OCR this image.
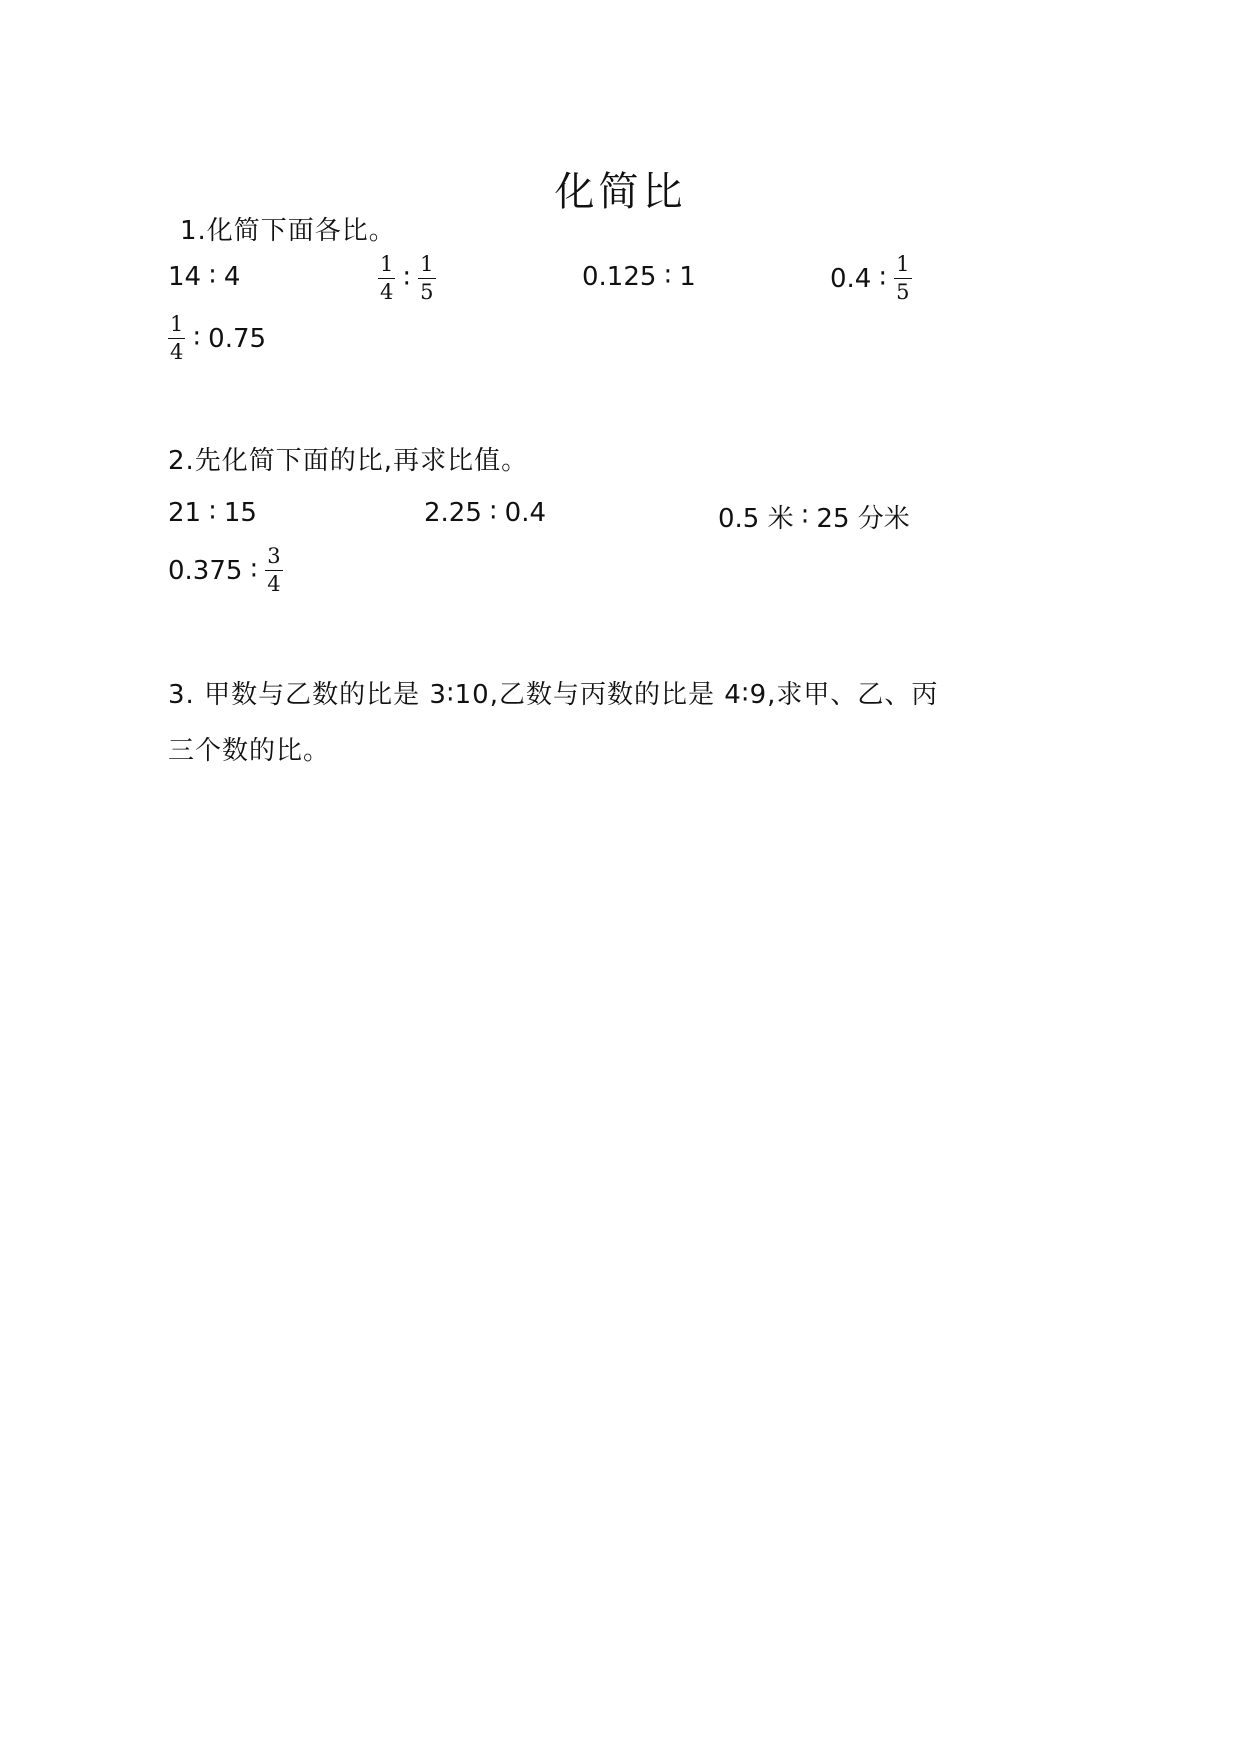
化简比
1.化简下面各比。
14 ∶ 4	$\frac{1}{4}$ ∶ $\frac{1}{5}$	0.125 ∶ 1	0.4 ∶ $\frac{1}{5}$
$\frac{1}{4}$ ∶ 0.75
2.先化简下面的比,再求比值。
21 ∶ 15	2.25 ∶ 0.4	0.5 米 ∶ 25 分米
0.375 ∶ $\frac{3}{4}$
3. 甲数与乙数的比是 3∶10,乙数与丙数的比是 4∶9,求甲、乙、丙
三个数的比。
